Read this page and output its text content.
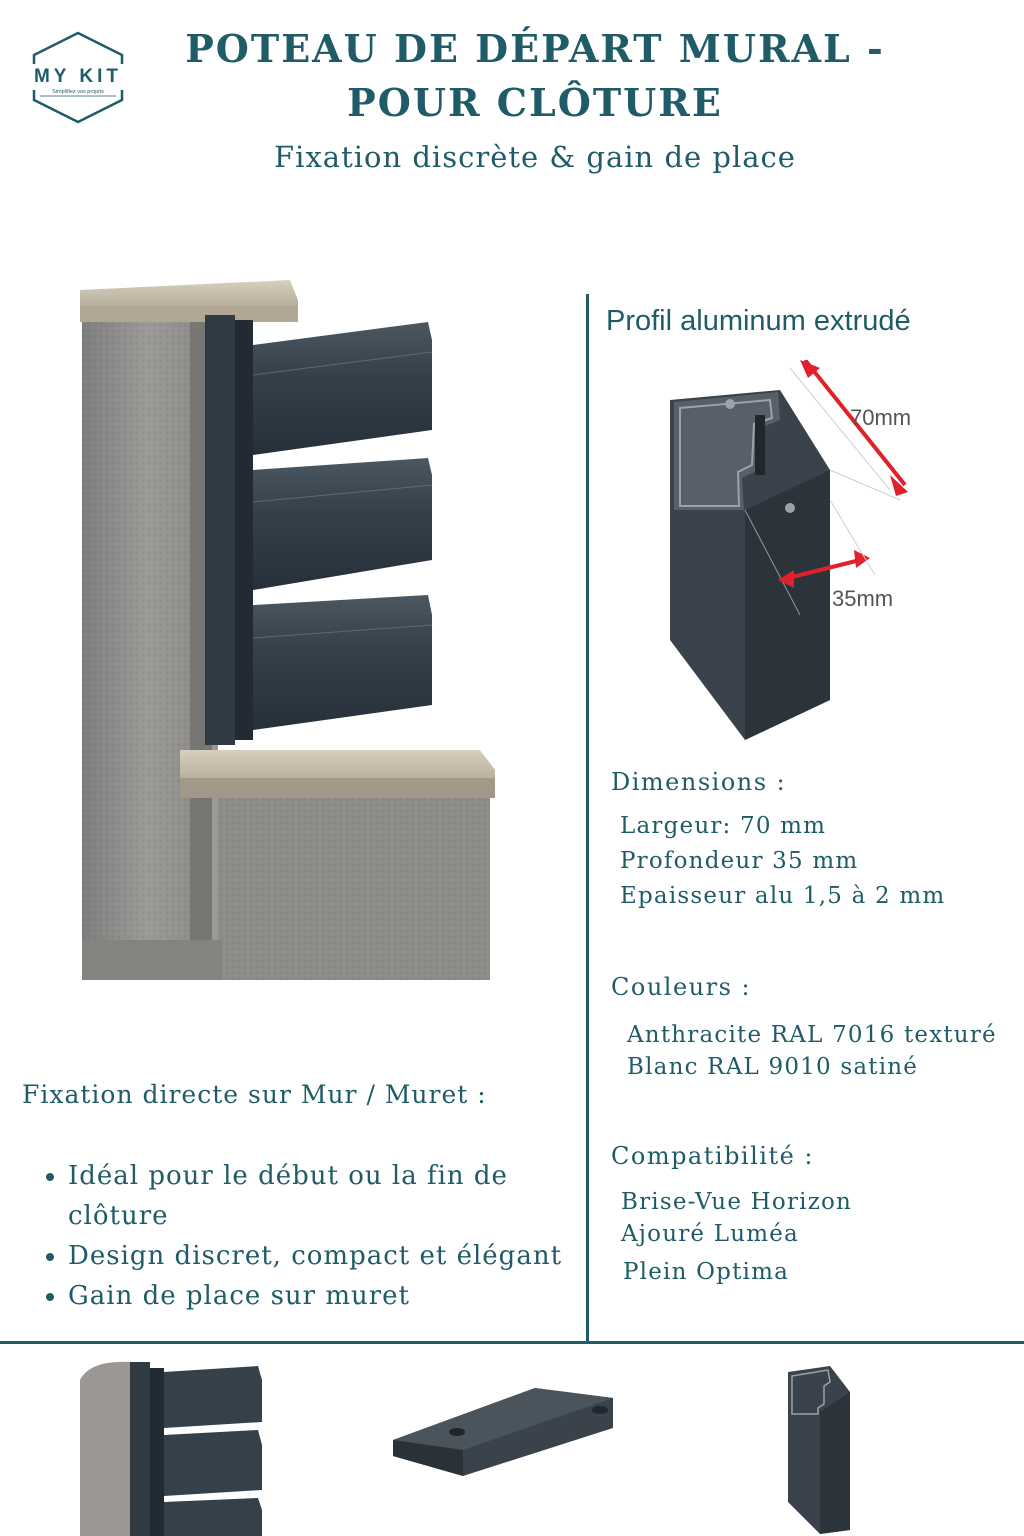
MY KIT
Simplifiez vos projets
POTEAU DE DÉPART MURAL -
POUR CLÔTURE
Fixation discrète & gain de place
Profil aluminum extrudé
70mm
35mm
Dimensions :
Largeur: 70 mm
Profondeur 35 mm
Epaisseur alu 1,5 à 2 mm
Couleurs :
Anthracite RAL 7016 texturé
Blanc RAL 9010 satiné
Compatibilité :
Brise-Vue Horizon
Ajouré Luméa
Plein Optima
Fixation directe sur Mur / Muret :
• Idéal pour le début ou la fin de clôture
• Design discret, compact et élégant
• Gain de place sur muret
